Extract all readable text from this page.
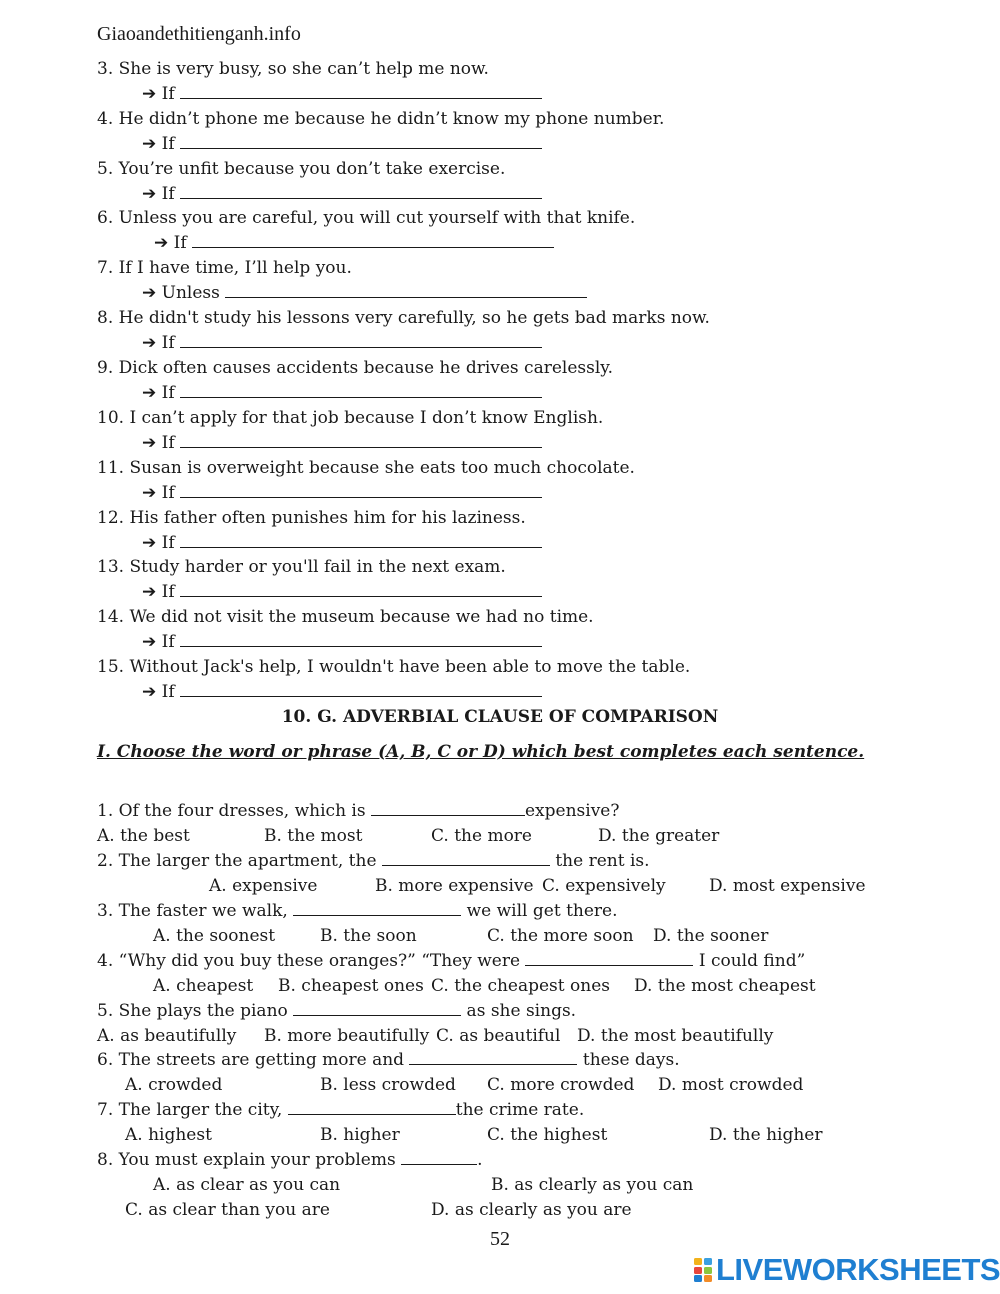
Giaoandethitienganh.info
3. She is very busy, so she can’t help me now.
➔ If
4. He didn’t phone me because he didn’t know my phone number.
➔ If
5. You’re unfit because you don’t take exercise.
➔ If
6. Unless you are careful, you will cut yourself with that knife.
➔ If
7. If I have time, I’ll help you.
➔ Unless
8. He didn't study his lessons very carefully, so he gets bad marks now.
➔ If
9. Dick often causes accidents because he drives carelessly.
➔ If
10. I can’t apply for that job because I don’t know English.
➔ If
11. Susan is overweight because she eats too much chocolate.
➔ If
12. His father often punishes him for his laziness.
➔ If
13. Study harder or you'll fail in the next exam.
➔ If
14. We did not visit the museum because we had no time.
➔ If
15. Without Jack's help, I wouldn't have been able to move the table.
➔ If
10. G. ADVERBIAL CLAUSE OF COMPARISON
I. Choose the word or phrase (A, B, C or D) which best completes each sentence.
1. Of the four dresses, which is	expensive?
A. the best	B. the most	C. the more	D. the greater
2. The larger the apartment, the	the rent is.
A. expensive	B. more expensive C. expensively	D. most expensive
3. The faster we walk,	we will get there.
A. the soonest	B. the soon	C. the more soon D. the sooner
4. “Why did you buy these oranges?” “They were	I could find”
A. cheapest B. cheapest ones C. the cheapest ones D. the most cheapest
5. She plays the piano	as she sings.
A. as beautifully B. more beautifully C. as beautiful D. the most beautifully
6. The streets are getting more and	these days.
A. crowded	B. less crowded C. more crowded D. most crowded
7. The larger the city,	the crime rate.
A. highest	B. higher	C. the highest	D. the higher
8. You must explain your problems	.
A. as clear as you can	B. as clearly as you can
C. as clear than you are	D. as clearly as you are
52
LIVEWORKSHEETS
